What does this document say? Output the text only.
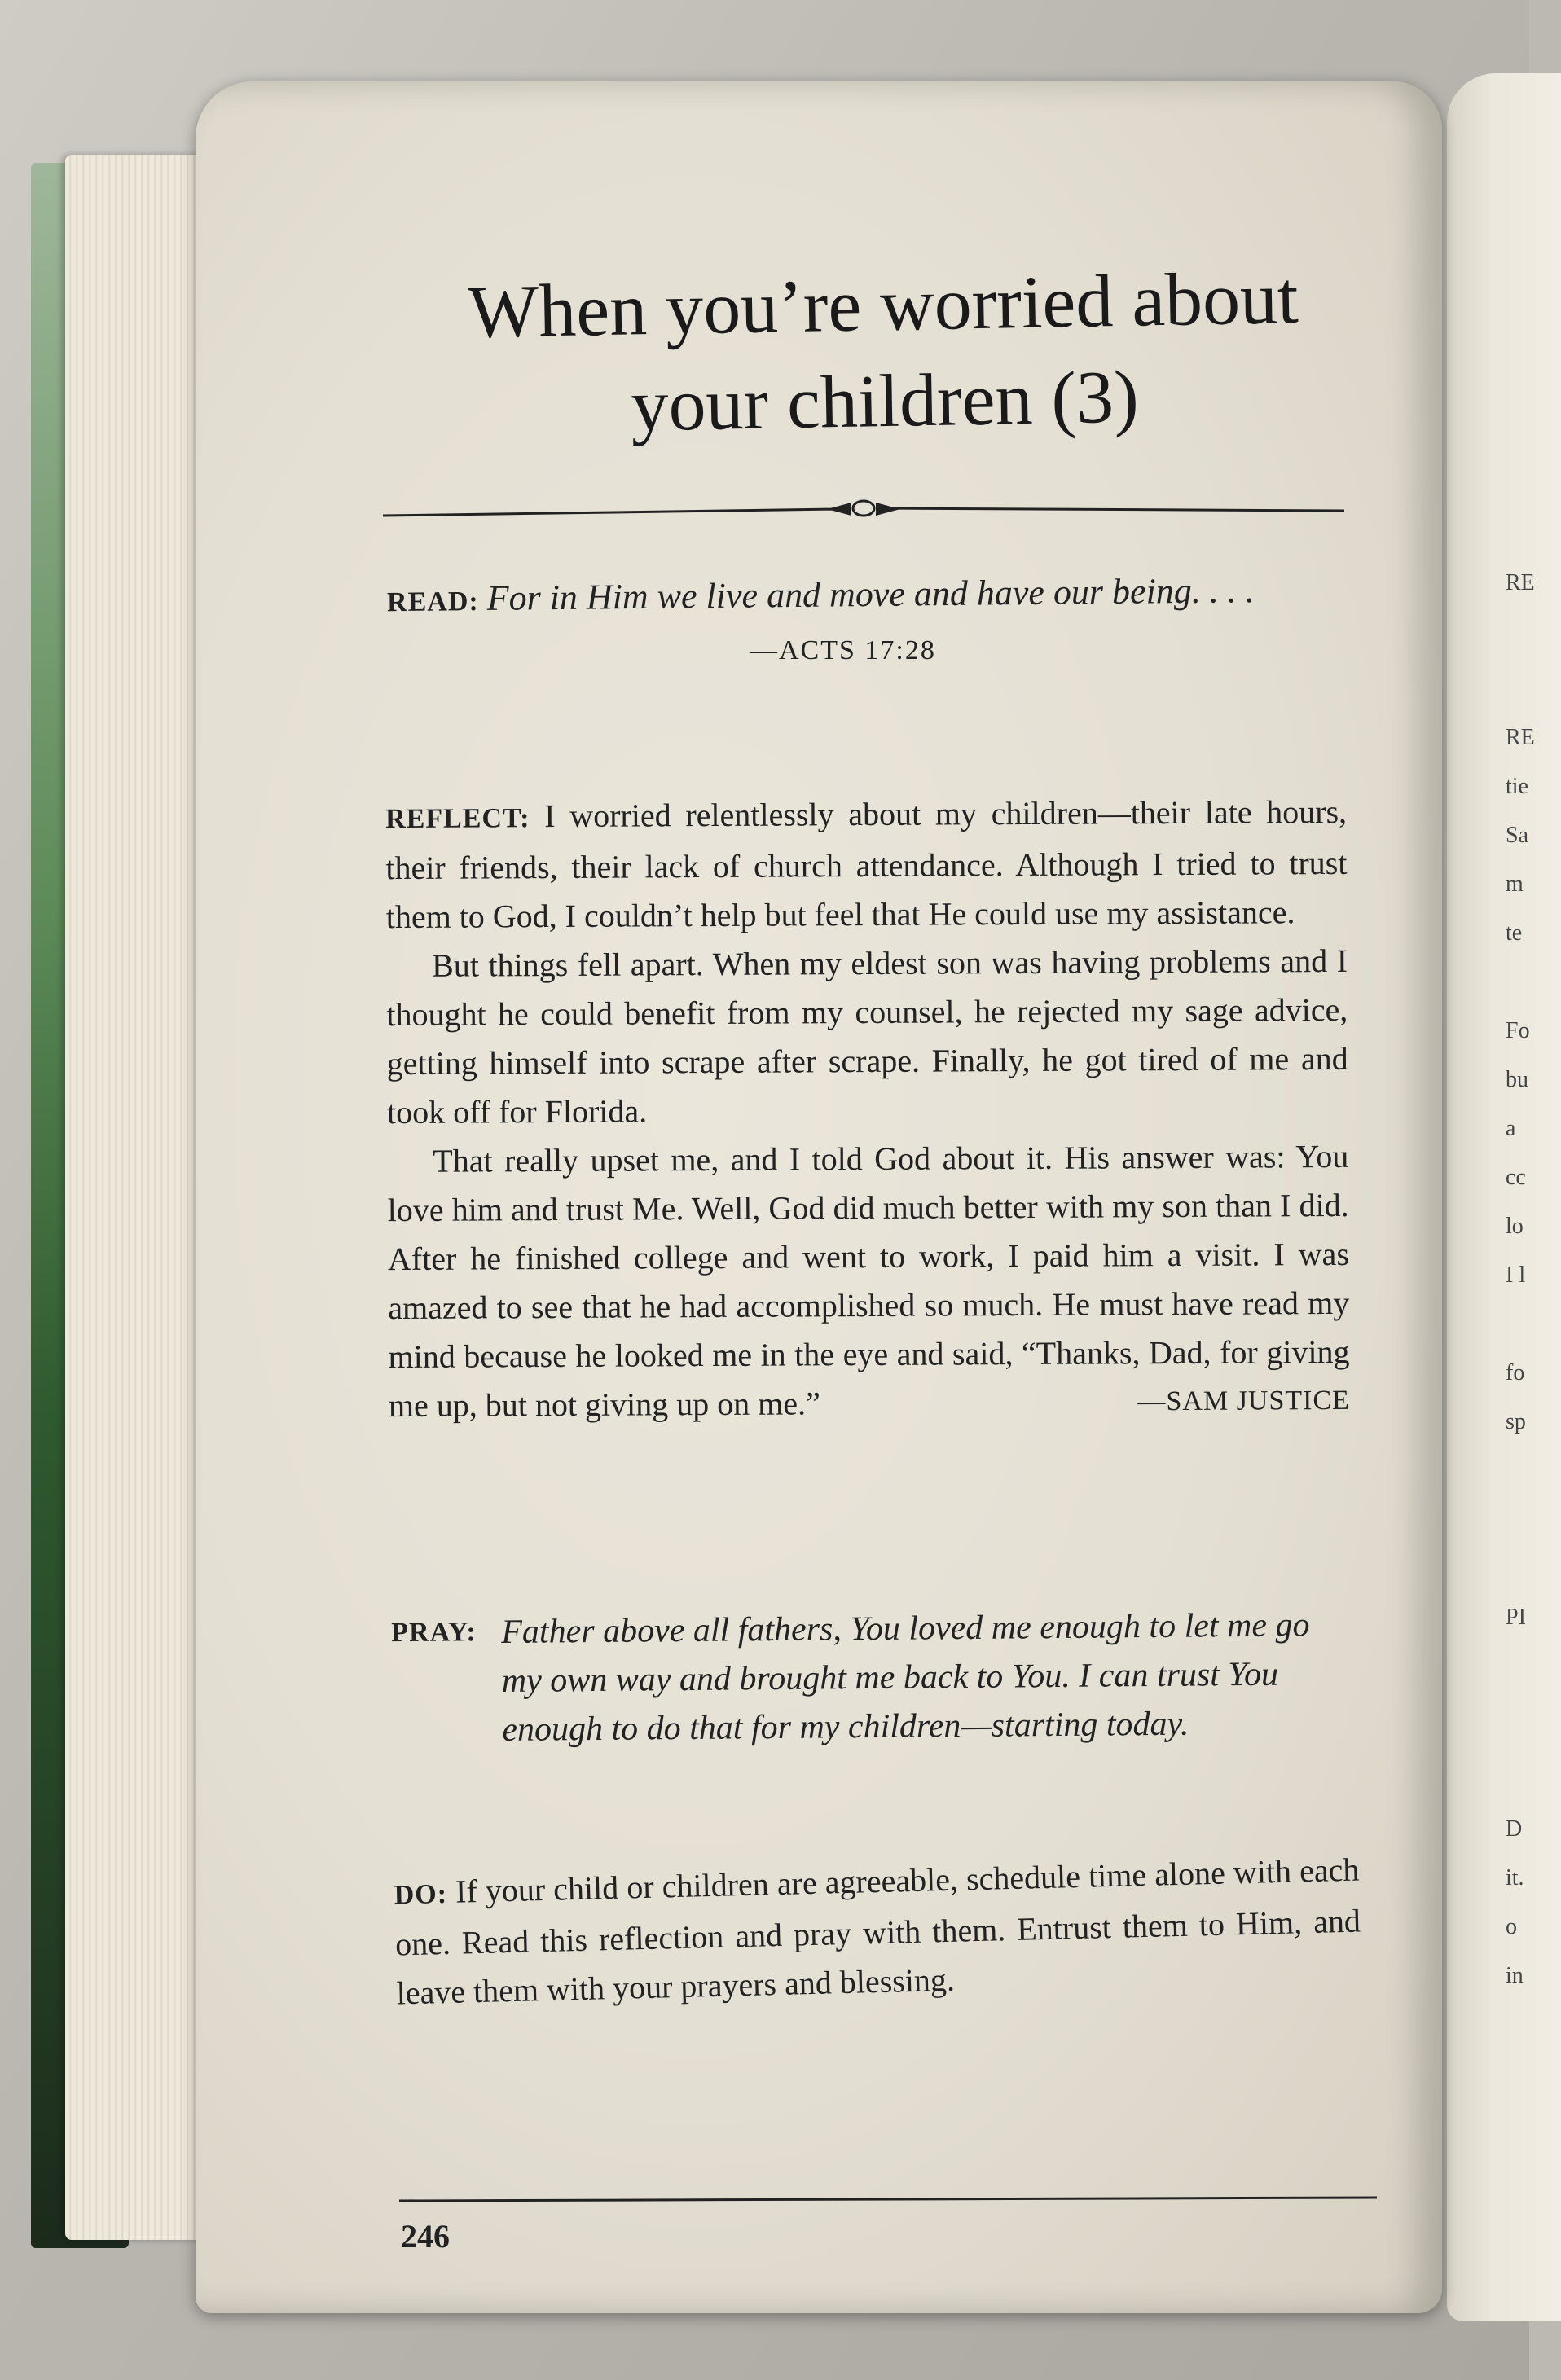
RE
RE
tie
Sa
m
te
Fo
bu
a
cc
lo
I l
fo
sp
PI
D
it.
o
in
When you’re worried about
your children (3)
READ: For in Him we live and move and have our being. . . .
—ACTS 17:28

REFLECT: I worried relentlessly about my children—their late hours, their friends, their lack of church attendance. Although I tried to trust them to God, I couldn’t help but feel that He could use my assistance.

But things fell apart. When my eldest son was having problems and I thought he could benefit from my counsel, he rejected my sage advice, getting himself into scrape after scrape. Finally, he got tired of me and took off for Florida.

That really upset me, and I told God about it. His answer was: You love him and trust Me. Well, God did much better with my son than I did. After he finished college and went to work, I paid him a visit. I was amazed to see that he had accomplished so much. He must have read my mind because he looked me in the eye and said, “Thanks, Dad, for giving me up, but not giving up on me.”	—SAM JUSTICE

PRAY: Father above all fathers, You loved me enough to let me go my own way and brought me back to You. I can trust You enough to do that for my children—starting today.
DO: If your child or children are agreeable, schedule time alone with each one. Read this reflection and pray with them. Entrust them to Him, and leave them with your prayers and blessing.
246
